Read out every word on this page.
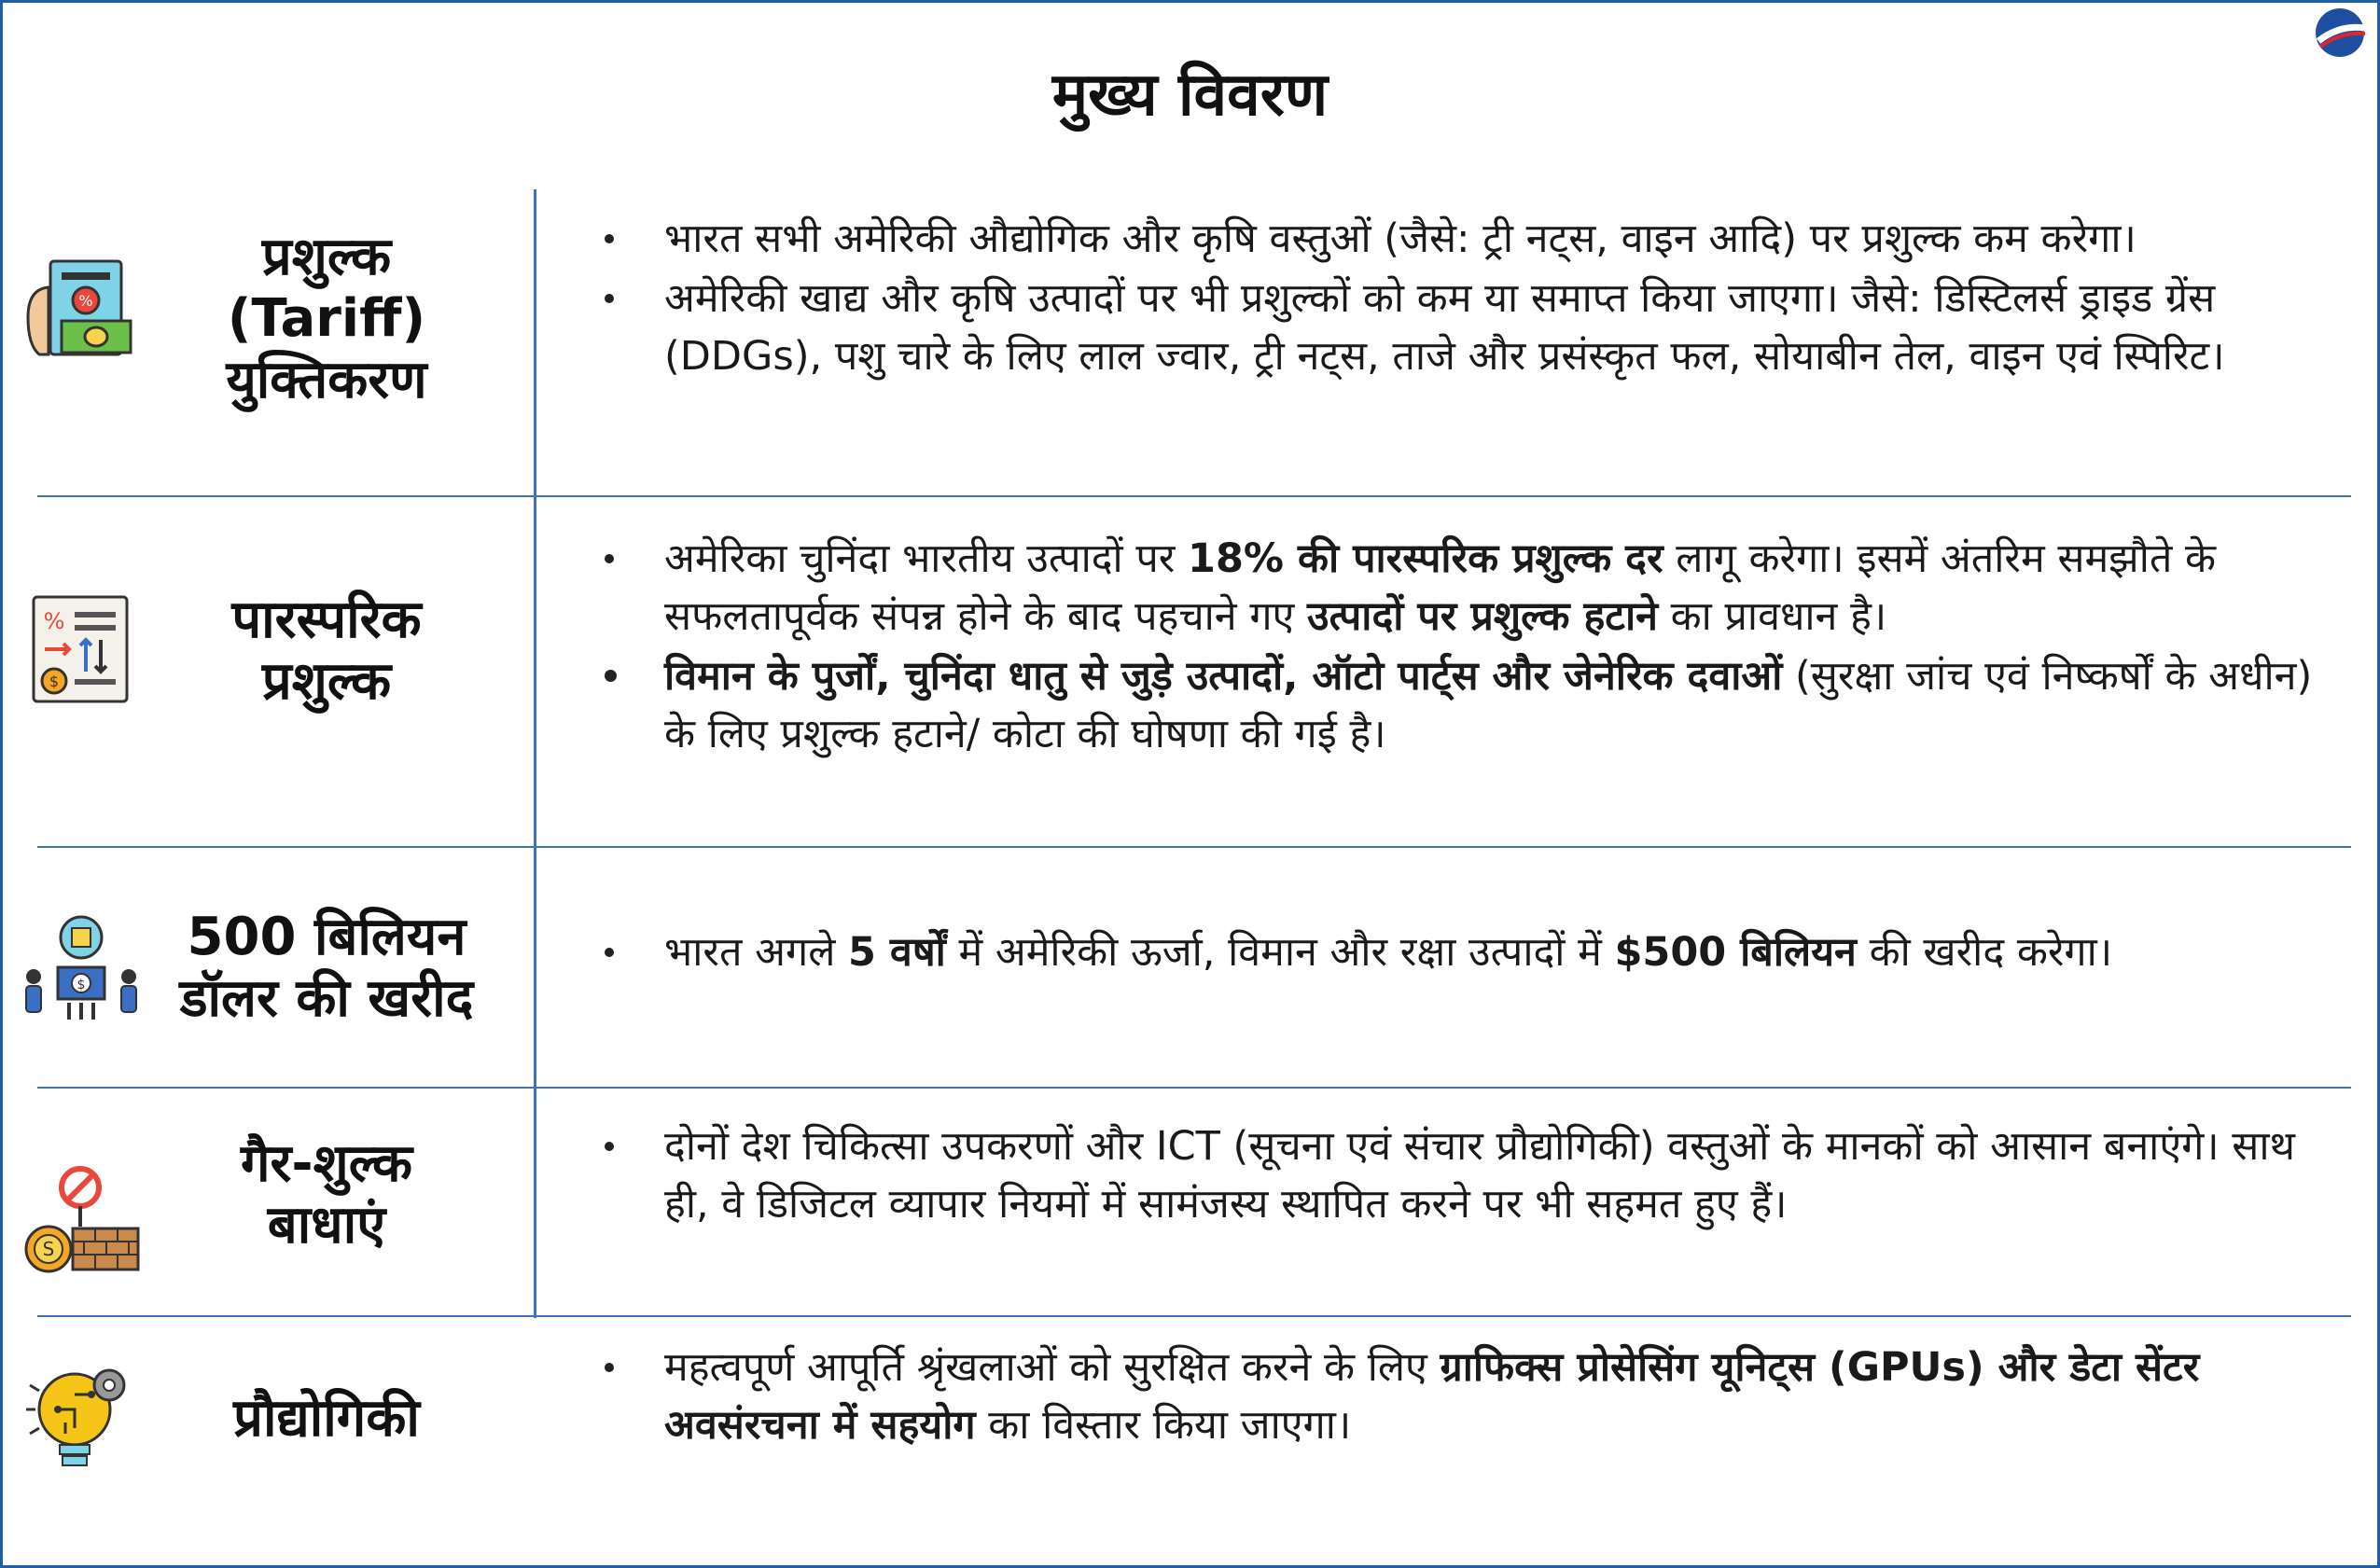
मुख्य विवरण
%
प्रशुल्क
(Tariff)
युक्तिकरण
भारत सभी अमेरिकी औद्योगिक और कृषि वस्तुओं (जैसे: ट्री नट्स, वाइन आदि) पर प्रशुल्क कम करेगा।
अमेरिकी खाद्य और कृषि उत्पादों पर भी प्रशुल्कों को कम या समाप्त किया जाएगा। जैसे: डिस्टिलर्स ड्राइड ग्रेंस (DDGs), पशु चारे के लिए लाल ज्वार, ट्री नट्स, ताजे और प्रसंस्कृत फल, सोयाबीन तेल, वाइन एवं स्पिरिट।
%
$
पारस्परिक
प्रशुल्क
अमेरिका चुनिंदा भारतीय उत्पादों पर 18% की पारस्परिक प्रशुल्क दर लागू करेगा। इसमें अंतरिम समझौते के सफलतापूर्वक संपन्न होने के बाद पहचाने गए उत्पादों पर प्रशुल्क हटाने का प्रावधान है।
विमान के पुर्जों, चुनिंदा धातु से जुड़े उत्पादों, ऑटो पार्ट्स और जेनेरिक दवाओं (सुरक्षा जांच एवं निष्कर्षों के अधीन) के लिए प्रशुल्क हटाने/ कोटा की घोषणा की गई है।
$
500 बिलियन
डॉलर की खरीद
भारत अगले 5 वर्षों में अमेरिकी ऊर्जा, विमान और रक्षा उत्पादों में $500 बिलियन की खरीद करेगा।
S
गैर-शुल्क
बाधाएं
दोनों देश चिकित्सा उपकरणों और ICT (सूचना एवं संचार प्रौद्योगिकी) वस्तुओं के मानकों को आसान बनाएंगे। साथ ही, वे डिजिटल व्यापार नियमों में सामंजस्य स्थापित करने पर भी सहमत हुए हैं।
प्रौद्योगिकी
महत्वपूर्ण आपूर्ति श्रृंखलाओं को सुरक्षित करने के लिए ग्राफिक्स प्रोसेसिंग यूनिट्स (GPUs) और डेटा सेंटर अवसंरचना में सहयोग का विस्तार किया जाएगा।
